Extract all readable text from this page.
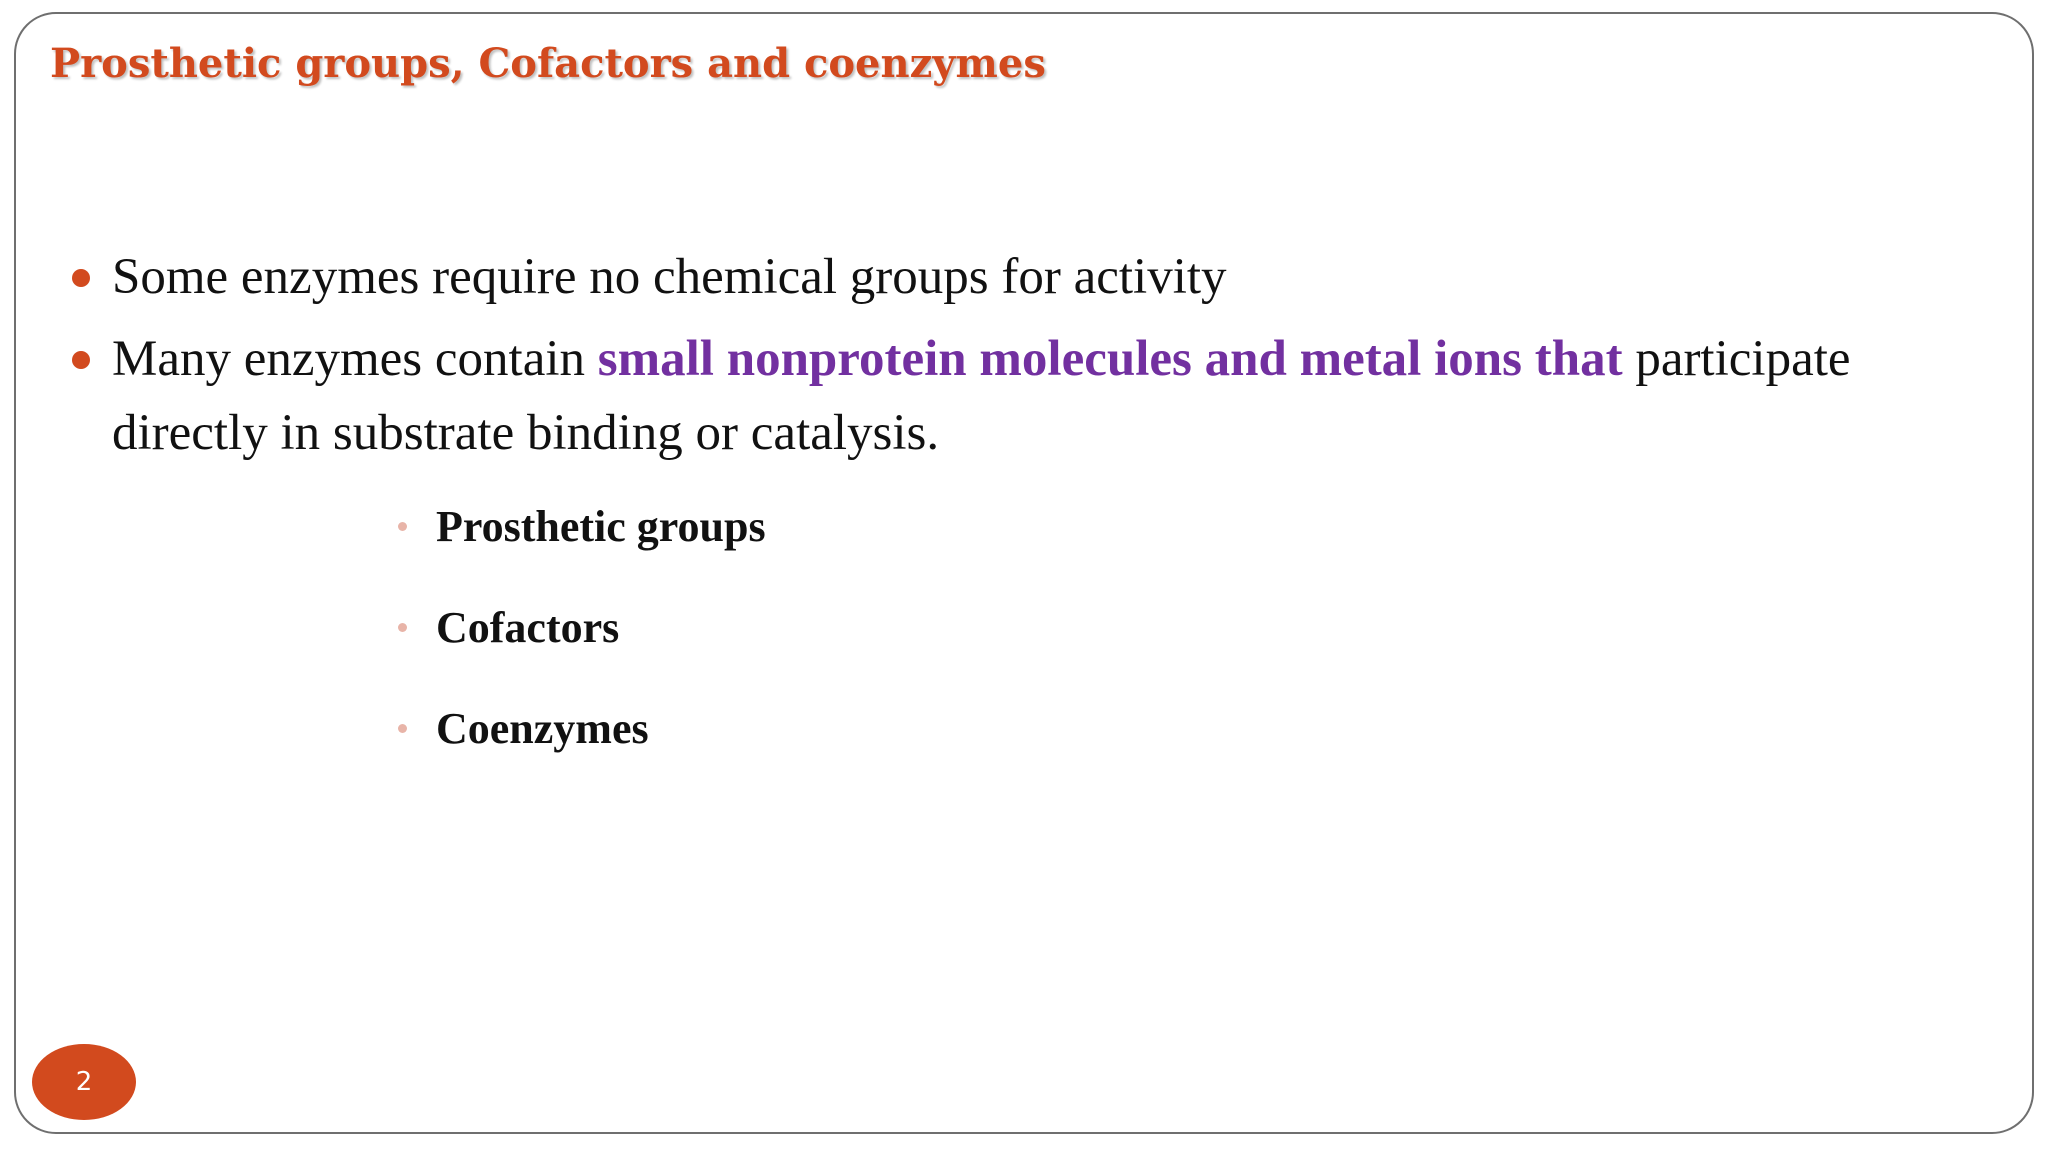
Prosthetic groups, Cofactors and coenzymes
Some enzymes require no chemical groups for activity
Many enzymes contain small nonprotein molecules and metal ions that participate directly in substrate binding or catalysis.
Prosthetic groups
Cofactors
Coenzymes
2
